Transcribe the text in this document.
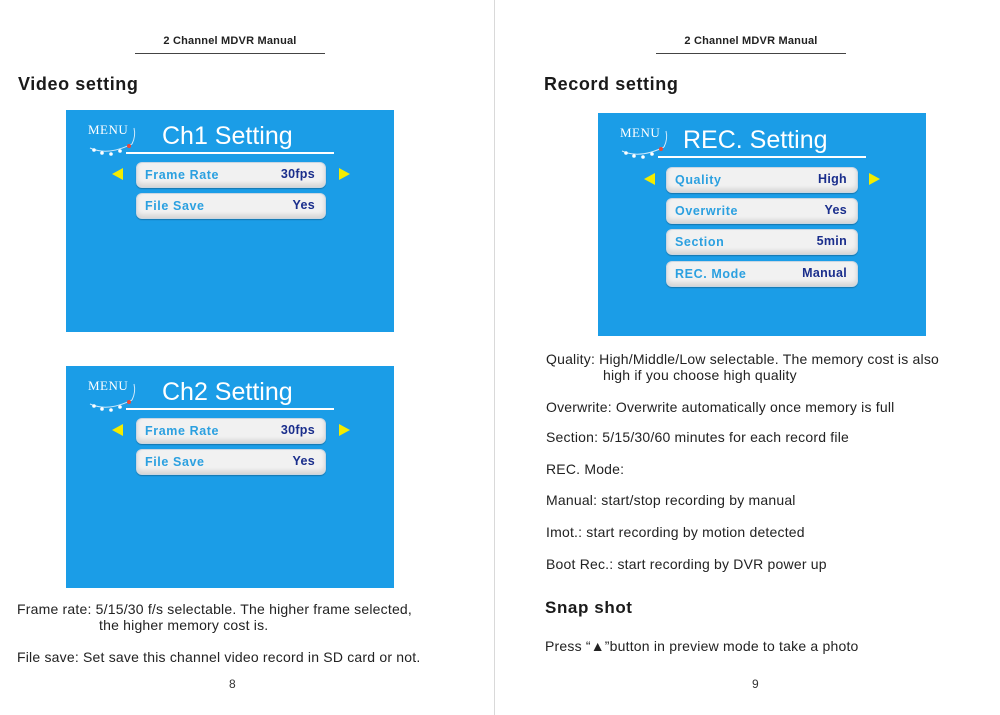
2 Channel MDVR Manual
Video setting
MENU Ch1 Setting
Frame Rate	30fps
File Save	Yes
MENU Ch2 Setting
Frame Rate	30fps
File Save	Yes
Frame rate: 5/15/30 f/s selectable. The higher frame selected,
the higher memory cost is.
File save: Set save this channel video record in SD card or not.
8
2 Channel MDVR Manual
Record setting
MENU REC. Setting
Quality	High
Overwrite	Yes
Section	5min
REC. Mode	Manual
Quality: High/Middle/Low selectable. The memory cost is also
high if you choose high quality
Overwrite: Overwrite automatically once memory is full
Section: 5/15/30/60 minutes for each record file
REC. Mode:
Manual: start/stop recording by manual
Imot.: start recording by motion detected
Boot Rec.: start recording by DVR power up
Snap shot
Press “▲”button in preview mode to take a photo
9
